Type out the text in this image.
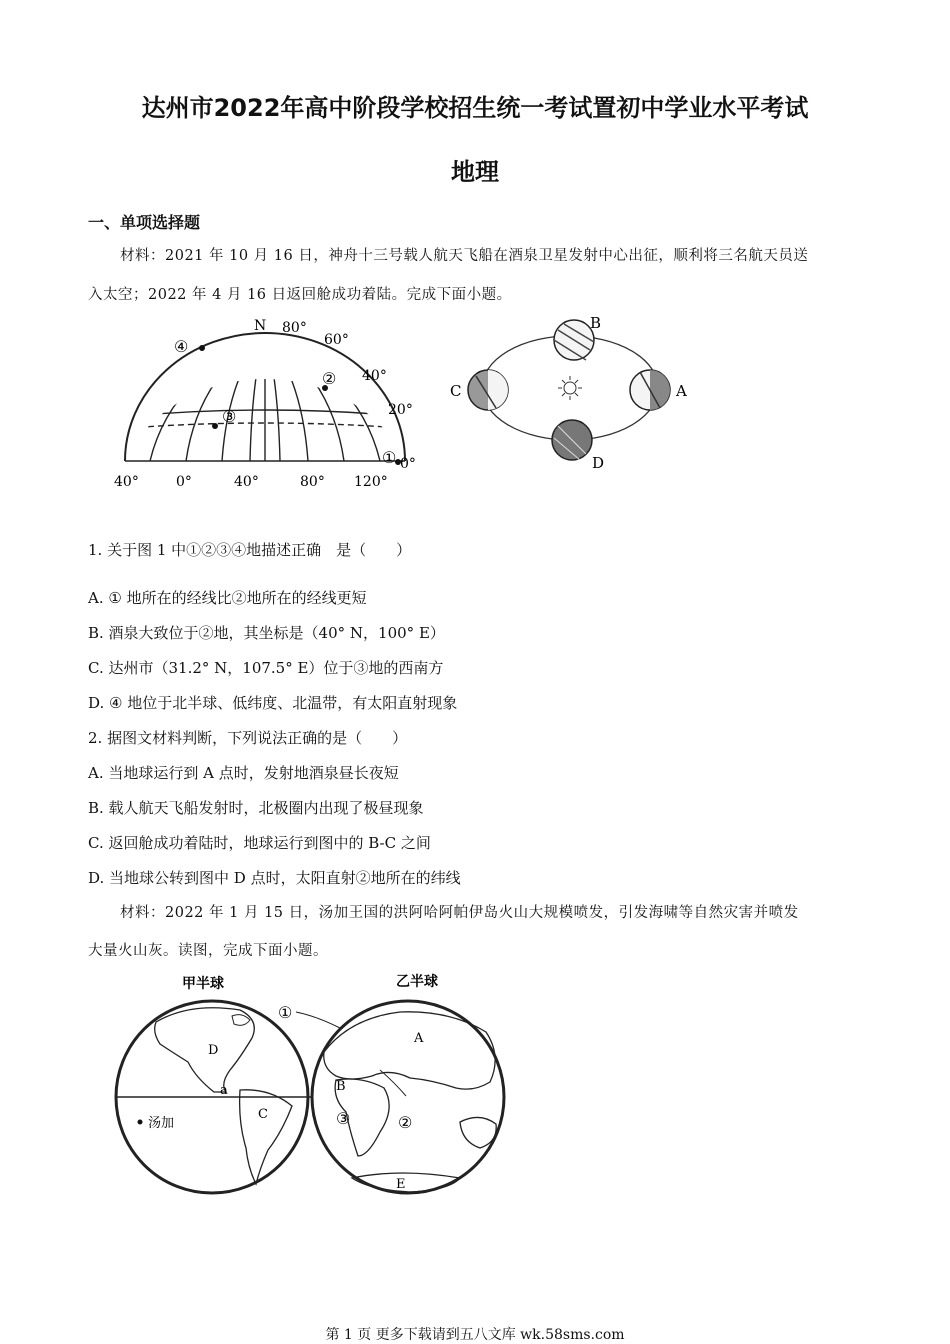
达州市2022年高中阶段学校招生统一考试置初中学业水平考试
地理
一、单项选择题
材料：2021 年 10 月 16 日，神舟十三号载人航天飞船在酒泉卫星发射中心出征，顺利将三名航天员送
入太空；2022 年 4 月 16 日返回舱成功着陆。完成下面小题。
N 80°
60°
40°
20°
0°
40°	0°	40°	80° 120°
①
②
③
④
A
B
C
D
1. 关于图 1 中①②③④地描述正确　是（　　）
A. ① 地所在的经线比②地所在的经线更短
B. 酒泉大致位于②地，其坐标是（40° N，100° E）
C. 达州市（31.2° N，107.5° E）位于③地的西南方
D. ④ 地位于北半球、低纬度、北温带，有太阳直射现象
2. 据图文材料判断，下列说法正确的是（　　）
A. 当地球运行到 A 点时，发射地酒泉昼长夜短
B. 载人航天飞船发射时，北极圈内出现了极昼现象
C. 返回舱成功着陆时，地球运行到图中的 B-C 之间
D. 当地球公转到图中 D 点时，太阳直射②地所在的纬线
材料：2022 年 1 月 15 日，汤加王国的洪阿哈阿帕伊岛火山大规模喷发，引发海啸等自然灾害并喷发
大量火山灰。读图，完成下面小题。
甲半球	乙半球
汤加
A
B
C
D
E
a
①
②
③
第 1 页 更多下载请到五八文库 wk.58sms.com
